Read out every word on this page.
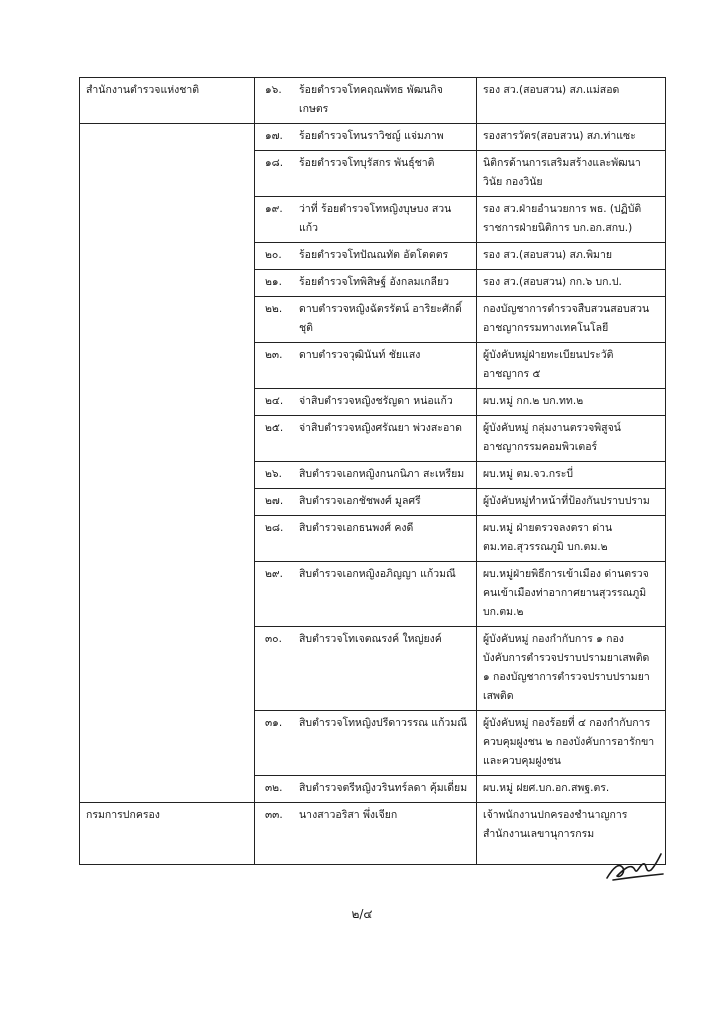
สำนักงานตำรวจแห่งชาติ	๑๖. ร้อยตำรวจโทคฤณพัทธ พัฒนกิจเกษตร	รอง สว.(สอบสวน) สภ.แม่สอด

	๑๗. ร้อยตำรวจโทนราวิชญ์ แจ่มภาพ	รองสารวัตร(สอบสวน) สภ.ท่าแซะ

	๑๘. ร้อยตำรวจโทบุรัสกร พันธุ์ชาติ	นิติกรด้านการเสริมสร้างและพัฒนาวินัย กองวินัย

	๑๙. ว่าที่ ร้อยตำรวจโทหญิงบุษบง สวนแก้ว	รอง สว.ฝ่ายอำนวยการ พธ. (ปฏิบัติราชการฝ่ายนิติการ บก.อก.สกบ.)

	๒๐. ร้อยตำรวจโทปัณณทัต อัตโตตตร	รอง สว.(สอบสวน) สภ.พิมาย

	๒๑. ร้อยตำรวจโทพิสิษฐ์ อังกลมเกลียว	รอง สว.(สอบสวน) กก.๖ บก.ป.

	๒๒. ดาบตำรวจหญิงฉัตรรัตน์ อาริยะศักดิ์ชุติ	กองบัญชาการตำรวจสืบสวนสอบสวนอาชญากรรมทางเทคโนโลยี

	๒๓. ดาบตำรวจวุฒินันท์ ชัยแสง	ผู้บังคับหมู่ฝ่ายทะเบียนประวัติอาชญากร ๕

	๒๔. จ่าสิบตำรวจหญิงชรัญดา หน่อแก้ว	ผบ.หมู่ กก.๒ บก.ทท.๒

	๒๕. จ่าสิบตำรวจหญิงศรัณยา พ่วงสะอาด	ผู้บังคับหมู่ กลุ่มงานตรวจพิสูจน์อาชญากรรมคอมพิวเตอร์

	๒๖. สิบตำรวจเอกหญิงกนกนิภา สะเหรียม	ผบ.หมู่ ตม.จว.กระบี่

	๒๗. สิบตำรวจเอกชัชพงศ์ มูลศรี	ผู้บังคับหมู่ทำหน้าที่ป้องกันปราบปราม

	๒๘. สิบตำรวจเอกธนพงศ์ คงดี	ผบ.หมู่ ฝ่ายตรวจลงตรา ด่าน ตม.ทอ.สุวรรณภูมิ บก.ตม.๒

	๒๙. สิบตำรวจเอกหญิงอภิญญา แก้วมณี	ผบ.หมู่ฝ่ายพิธีการเข้าเมือง ด่านตรวจคนเข้าเมืองท่าอากาศยานสุวรรณภูมิ บก.ตม.๒

	๓๐. สิบตำรวจโทเจตณรงค์ ใหญ่ยงค์	ผู้บังคับหมู่ กองกำกับการ ๑ กองบังคับการตำรวจปราบปรามยาเสพติด ๑ กองบัญชาการตำรวจปราบปรามยาเสพติด

	๓๑. สิบตำรวจโทหญิงปรีดาวรรณ แก้วมณี	ผู้บังคับหมู่ กองร้อยที่ ๔ กองกำกับการควบคุมฝูงชน ๒ กองบังคับการอารักขาและควบคุมฝูงชน

	๓๒. สิบตำรวจตรีหญิงวรินทร์ลดา คุ้มเดี่ยม	ผบ.หมู่ ฝยศ.บก.อก.สพฐ.ตร.
กรมการปกครอง	๓๓. นางสาวอริสา พึ่งเจียก	เจ้าพนักงานปกครองชำนาญการ สำนักงานเลขานุการกรม
๒/๔
